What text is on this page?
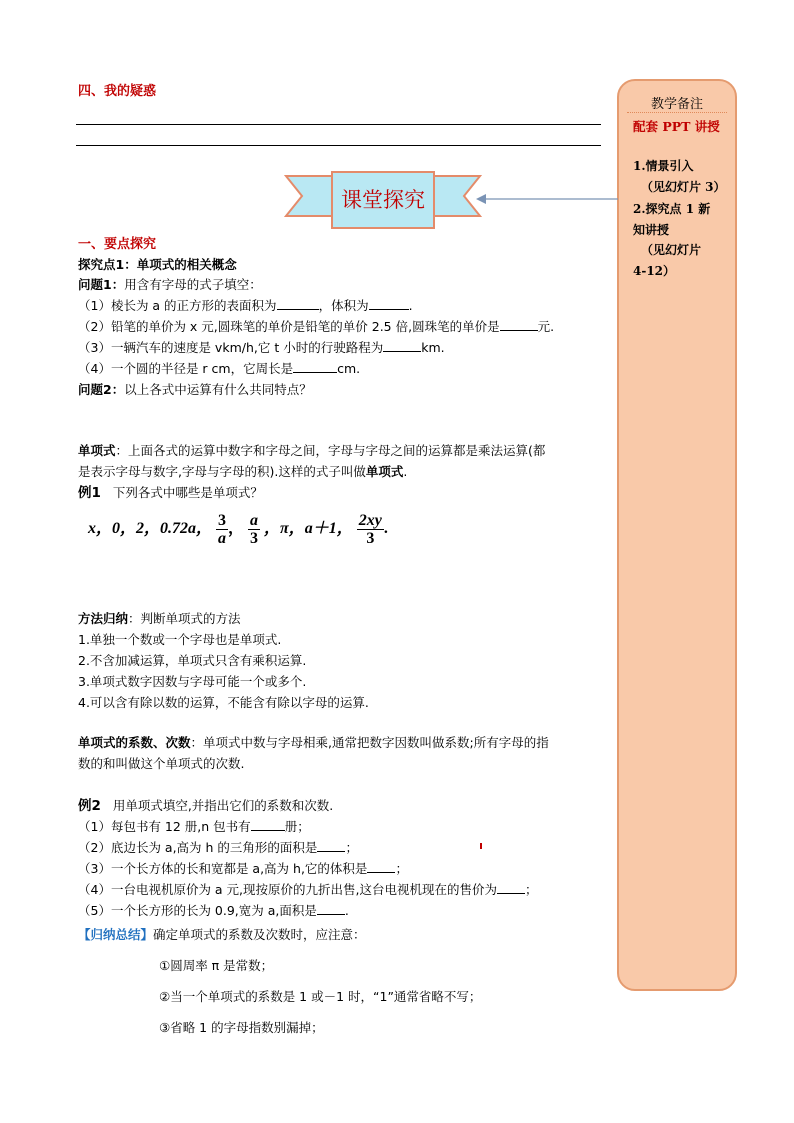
四、我的疑惑
教学备注
配套 PPT 讲授
1.情景引入
（见幻灯片 3）
2.探究点 1 新
知讲授
（见幻灯片
4-12）
课堂探究
一、要点探究
探究点1：单项式的相关概念
问题1：用含有字母的式子填空：
（1）棱长为 a 的正方形的表面积为	，体积为	.
（2）铅笔的单价为 x 元,圆珠笔的单价是铅笔的单价 2.5 倍,圆珠笔的单价是	元.
（3）一辆汽车的速度是 vkm/h,它 t 小时的行驶路程为	km.
（4）一个圆的半径是 r cm，它周长是	cm.
问题2：以上各式中运算有什么共同特点？
单项式：上面各式的运算中数字和字母之间，字母与字母之间的运算都是乘法运算(都
是表示字母与数字,字母与字母的积).这样的式子叫做单项式.
例1 下列各式中哪些是单项式？
x，0，2，0.72a， $\frac{3}{a}$ ， $\frac{a}{3}$ ，π，a＋1， $\frac{2xy}{3}$ .
方法归纳：判断单项式的方法
1.单独一个数或一个字母也是单项式.
2.不含加减运算，单项式只含有乘积运算.
3.单项式数字因数与字母可能一个或多个.
4.可以含有除以数的运算，不能含有除以字母的运算.
单项式的系数、次数：单项式中数与字母相乘,通常把数字因数叫做系数;所有字母的指
数的和叫做这个单项式的次数.
例2 用单项式填空,并指出它们的系数和次数.
（1）每包书有 12 册,n 包书有	册；
（2）底边长为 a,高为 h 的三角形的面积是 ；
（3）一个长方体的长和宽都是 a,高为 h,它的体积是 ；
（4）一台电视机原价为 a 元,现按原价的九折出售,这台电视机现在的售价为 ；
（5）一个长方形的长为 0.9,宽为 a,面积是 .
【归纳总结】确定单项式的系数及次数时，应注意：
①圆周率 π 是常数；
②当一个单项式的系数是 1 或－1 时，“1”通常省略不写；
③省略 1 的字母指数别漏掉；
